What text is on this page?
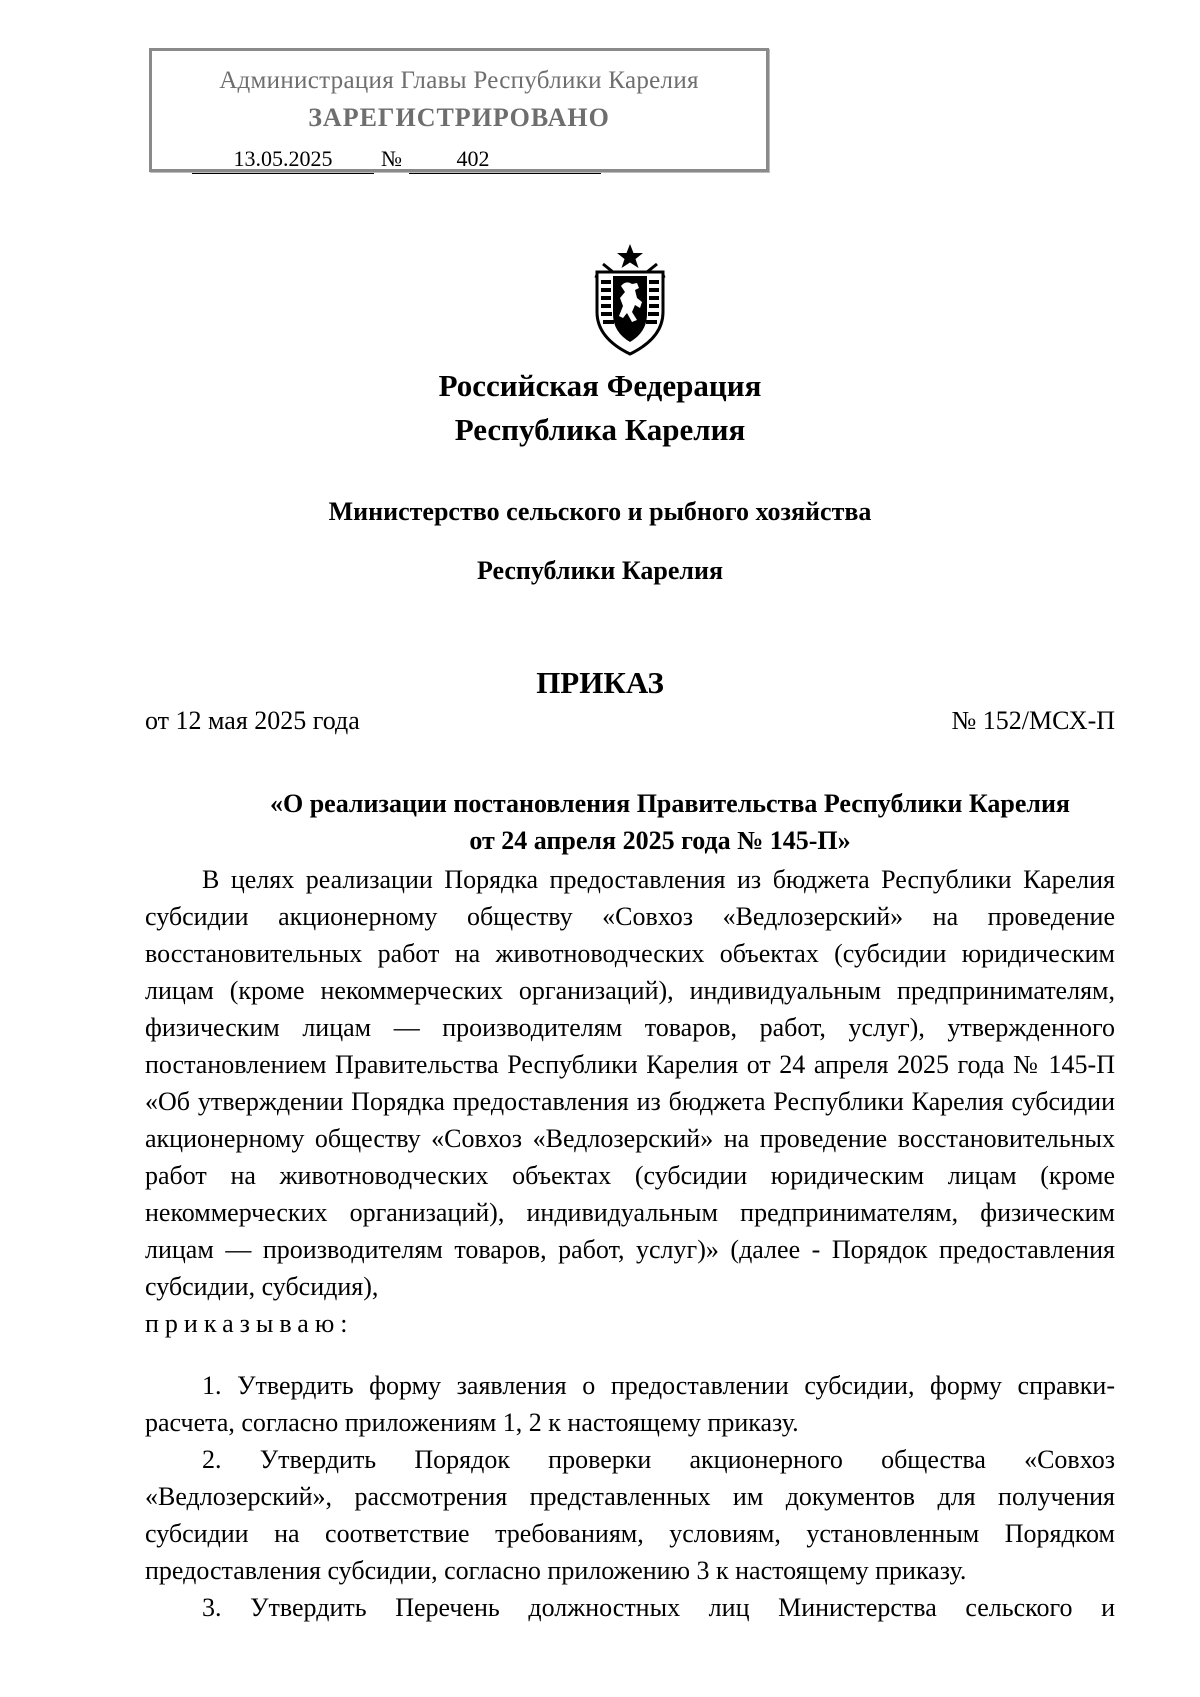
Администрация Главы Республики Карелия
ЗАРЕГИСТРИРОВАНО
13.05.2025	№	402
Российская Федерация
Республика Карелия
Министерство сельского и рыбного хозяйства
Республики Карелия
ПРИКАЗ
от 12 мая 2025 года	№ 152/МСХ-П
«О реализации постановления Правительства Республики Карелия
от 24 апреля 2025 года № 145-П»
В целях реализации Порядка предоставления из бюджета Республики Карелия субсидии акционерному обществу «Совхоз «Ведлозерский» на проведение восстановительных работ на животноводческих объектах (субсидии юридическим лицам (кроме некоммерческих организаций), индивидуальным предпринимателям, физическим лицам — производителям товаров, работ, услуг), утвержденного постановлением Правительства Республики Карелия от 24 апреля 2025 года № 145-П «Об утверждении Порядка предоставления из бюджета Республики Карелия субсидии акционерному обществу «Совхоз «Ведлозерский» на проведение восстановительных работ на животноводческих объектах (субсидии юридическим лицам (кроме некоммерческих организаций), индивидуальным предпринимателям, физическим лицам — производителям товаров, работ, услуг)» (далее - Порядок предоставления субсидии, субсидия),
приказываю:
1. Утвердить форму заявления о предоставлении субсидии, форму справки-расчета, согласно приложениям 1, 2 к настоящему приказу.
2. Утвердить Порядок проверки акционерного общества «Совхоз «Ведлозерский», рассмотрения представленных им документов для получения субсидии на соответствие требованиям, условиям, установленным Порядком предоставления субсидии, согласно приложению 3 к настоящему приказу.
3. Утвердить Перечень должностных лиц Министерства сельского и
